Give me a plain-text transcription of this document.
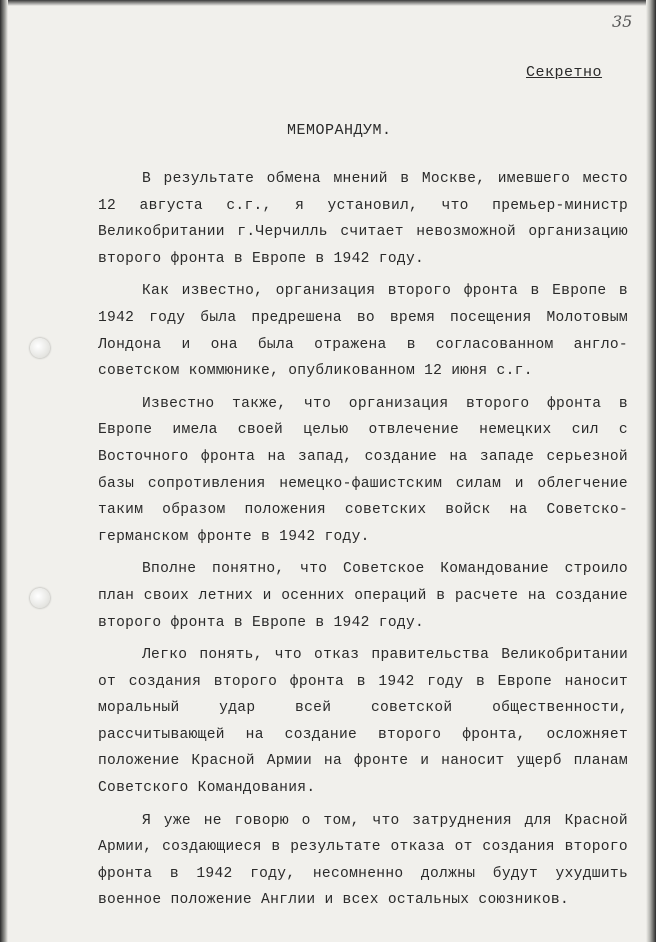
35
Секретно
МЕМОРАНДУМ.

В результате обмена мнений в Москве, имевшего место 12 августа с.г., я установил, что премьер-министр Великобритании г.Черчилль считает невозможной организацию второго фронта в Европе в 1942 году.

Как известно, организация второго фронта в Европе в 1942 году была предрешена во время посещения Молотовым Лондона и она была отражена в согласованном англо-советском коммюнике, опубликованном 12 июня с.г.

Известно также, что организация второго фронта в Европе имела своей целью отвлечение немецких сил с Восточного фронта на запад, создание на западе серьезной базы сопротивления немецко-фашистским силам и облегчение таким образом положения советских войск на Советско-германском фронте в 1942 году.

Вполне понятно, что Советское Командование строило план своих летних и осенних операций в расчете на создание второго фронта в Европе в 1942 году.

Легко понять, что отказ правительства Великобритании от создания второго фронта в 1942 году в Европе наносит моральный удар всей советской общественности, рассчитывающей на создание второго фронта, осложняет положение Красной Армии на фронте и наносит ущерб планам Советского Командования.

Я уже не говорю о том, что затруднения для Красной Армии, создающиеся в результате отказа от создания второго фронта в 1942 году, несомненно должны будут ухудшить военное положение Англии и всех остальных союзников.
